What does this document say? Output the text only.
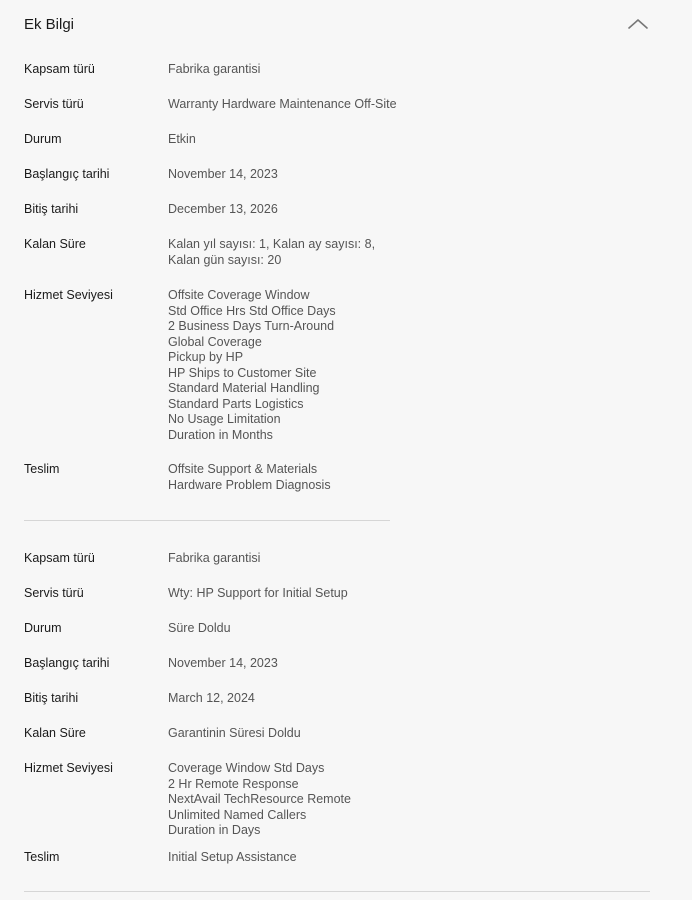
Ek Bilgi
Kapsam türü	Fabrika garantisi
Servis türü	Warranty Hardware Maintenance Off-Site
Durum	Etkin
Başlangıç tarihi	November 14, 2023
Bitiş tarihi	December 13, 2026
Kalan Süre	Kalan yıl sayısı: 1, Kalan ay sayısı: 8,
Kalan gün sayısı: 20
Hizmet Seviyesi	Offsite Coverage Window
Std Office Hrs Std Office Days
2 Business Days Turn-Around
Global Coverage
Pickup by HP
HP Ships to Customer Site
Standard Material Handling
Standard Parts Logistics
No Usage Limitation
Duration in Months
Teslim	Offsite Support & Materials
Hardware Problem Diagnosis
Kapsam türü	Fabrika garantisi
Servis türü	Wty: HP Support for Initial Setup
Durum	Süre Doldu
Başlangıç tarihi	November 14, 2023
Bitiş tarihi	March 12, 2024
Kalan Süre	Garantinin Süresi Doldu
Hizmet Seviyesi	Coverage Window Std Days
2 Hr Remote Response
NextAvail TechResource Remote
Unlimited Named Callers
Duration in Days
Teslim	Initial Setup Assistance
